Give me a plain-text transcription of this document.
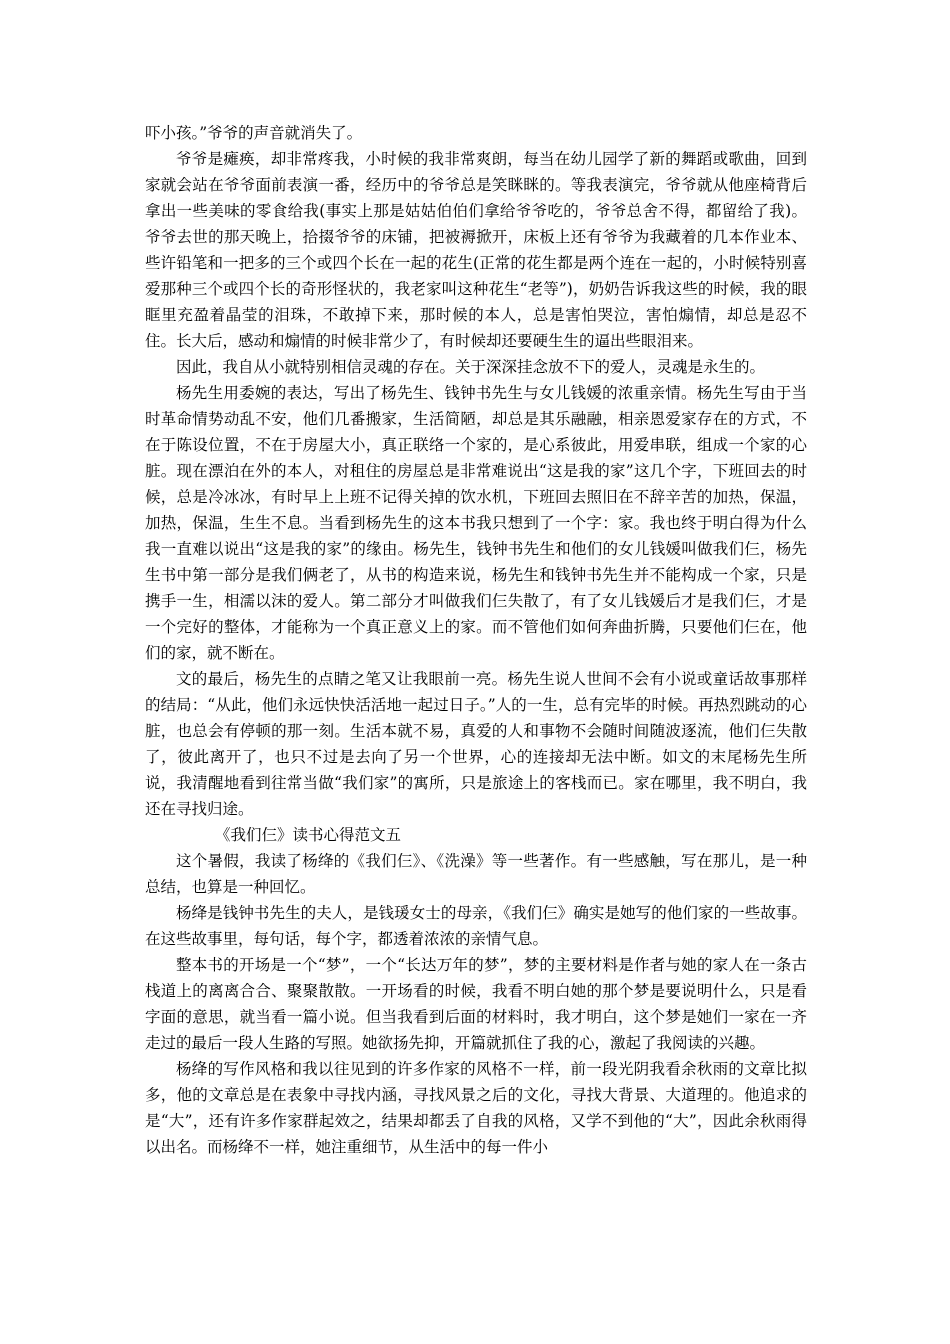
吓小孩。”爷爷的声音就消失了。

爷爷是瘫痪，却非常疼我，小时候的我非常爽朗，每当在幼儿园学了新的舞蹈或歌曲，回到家就会站在爷爷面前表演一番，经历中的爷爷总是笑眯眯的。等我表演完，爷爷就从他座椅背后拿出一些美味的零食给我(事实上那是姑姑伯伯们拿给爷爷吃的，爷爷总舍不得，都留给了我)。爷爷去世的那天晚上，拾掇爷爷的床铺，把被褥掀开，床板上还有爷爷为我藏着的几本作业本、些许铅笔和一把多的三个或四个长在一起的花生(正常的花生都是两个连在一起的，小时候特别喜爱那种三个或四个长的奇形怪状的，我老家叫这种花生“老等”)，奶奶告诉我这些的时候，我的眼眶里充盈着晶莹的泪珠，不敢掉下来，那时候的本人，总是害怕哭泣，害怕煽情，却总是忍不住。长大后，感动和煽情的时候非常少了，有时候却还要硬生生的逼出些眼泪来。

因此，我自从小就特别相信灵魂的存在。关于深深挂念放不下的爱人，灵魂是永生的。

杨先生用委婉的表达，写出了杨先生、钱钟书先生与女儿钱媛的浓重亲情。杨先生写由于当时革命情势动乱不安，他们几番搬家，生活简陋，却总是其乐融融，相亲恩爱家存在的方式，不在于陈设位置，不在于房屋大小，真正联络一个家的，是心系彼此，用爱串联，组成一个家的心脏。现在漂泊在外的本人，对租住的房屋总是非常难说出“这是我的家”这几个字，下班回去的时候，总是冷冰冰，有时早上上班不记得关掉的饮水机，下班回去照旧在不辞辛苦的加热，保温，加热，保温，生生不息。当看到杨先生的这本书我只想到了一个字：家。我也终于明白得为什么我一直难以说出“这是我的家”的缘由。杨先生，钱钟书先生和他们的女儿钱媛叫做我们仨，杨先生书中第一部分是我们俩老了，从书的构造来说，杨先生和钱钟书先生并不能构成一个家，只是携手一生，相濡以沫的爱人。第二部分才叫做我们仨失散了，有了女儿钱媛后才是我们仨，才是一个完好的整体，才能称为一个真正意义上的家。而不管他们如何奔曲折腾，只要他们仨在，他们的家，就不断在。

文的最后，杨先生的点睛之笔又让我眼前一亮。杨先生说人世间不会有小说或童话故事那样的结局：“从此，他们永远快快活活地一起过日子。”人的一生，总有完毕的时候。再热烈跳动的心脏，也总会有停顿的那一刻。生活本就不易，真爱的人和事物不会随时间随波逐流，他们仨失散了，彼此离开了，也只不过是去向了另一个世界，心的连接却无法中断。如文的末尾杨先生所说，我清醒地看到往常当做“我们家”的寓所，只是旅途上的客栈而已。家在哪里，我不明白，我还在寻找归途。

《我们仨》读书心得范文五

这个暑假，我读了杨绛的《我们仨》、《洗澡》等一些著作。有一些感触，写在那儿，是一种总结，也算是一种回忆。

杨绛是钱钟书先生的夫人，是钱瑗女士的母亲，《我们仨》确实是她写的他们家的一些故事。在这些故事里，每句话，每个字，都透着浓浓的亲情气息。

整本书的开场是一个“梦”，一个“长达万年的梦”，梦的主要材料是作者与她的家人在一条古栈道上的离离合合、聚聚散散。一开场看的时候，我看不明白她的那个梦是要说明什么，只是看字面的意思，就当看一篇小说。但当我看到后面的材料时，我才明白，这个梦是她们一家在一齐走过的最后一段人生路的写照。她欲扬先抑，开篇就抓住了我的心，激起了我阅读的兴趣。

杨绛的写作风格和我以往见到的许多作家的风格不一样，前一段光阴我看余秋雨的文章比拟多，他的文章总是在表象中寻找内涵，寻找风景之后的文化，寻找大背景、大道理的。他追求的是“大”，还有许多作家群起效之，结果却都丢了自我的风格，又学不到他的“大”，因此余秋雨得以出名。而杨绛不一样，她注重细节，从生活中的每一件小
